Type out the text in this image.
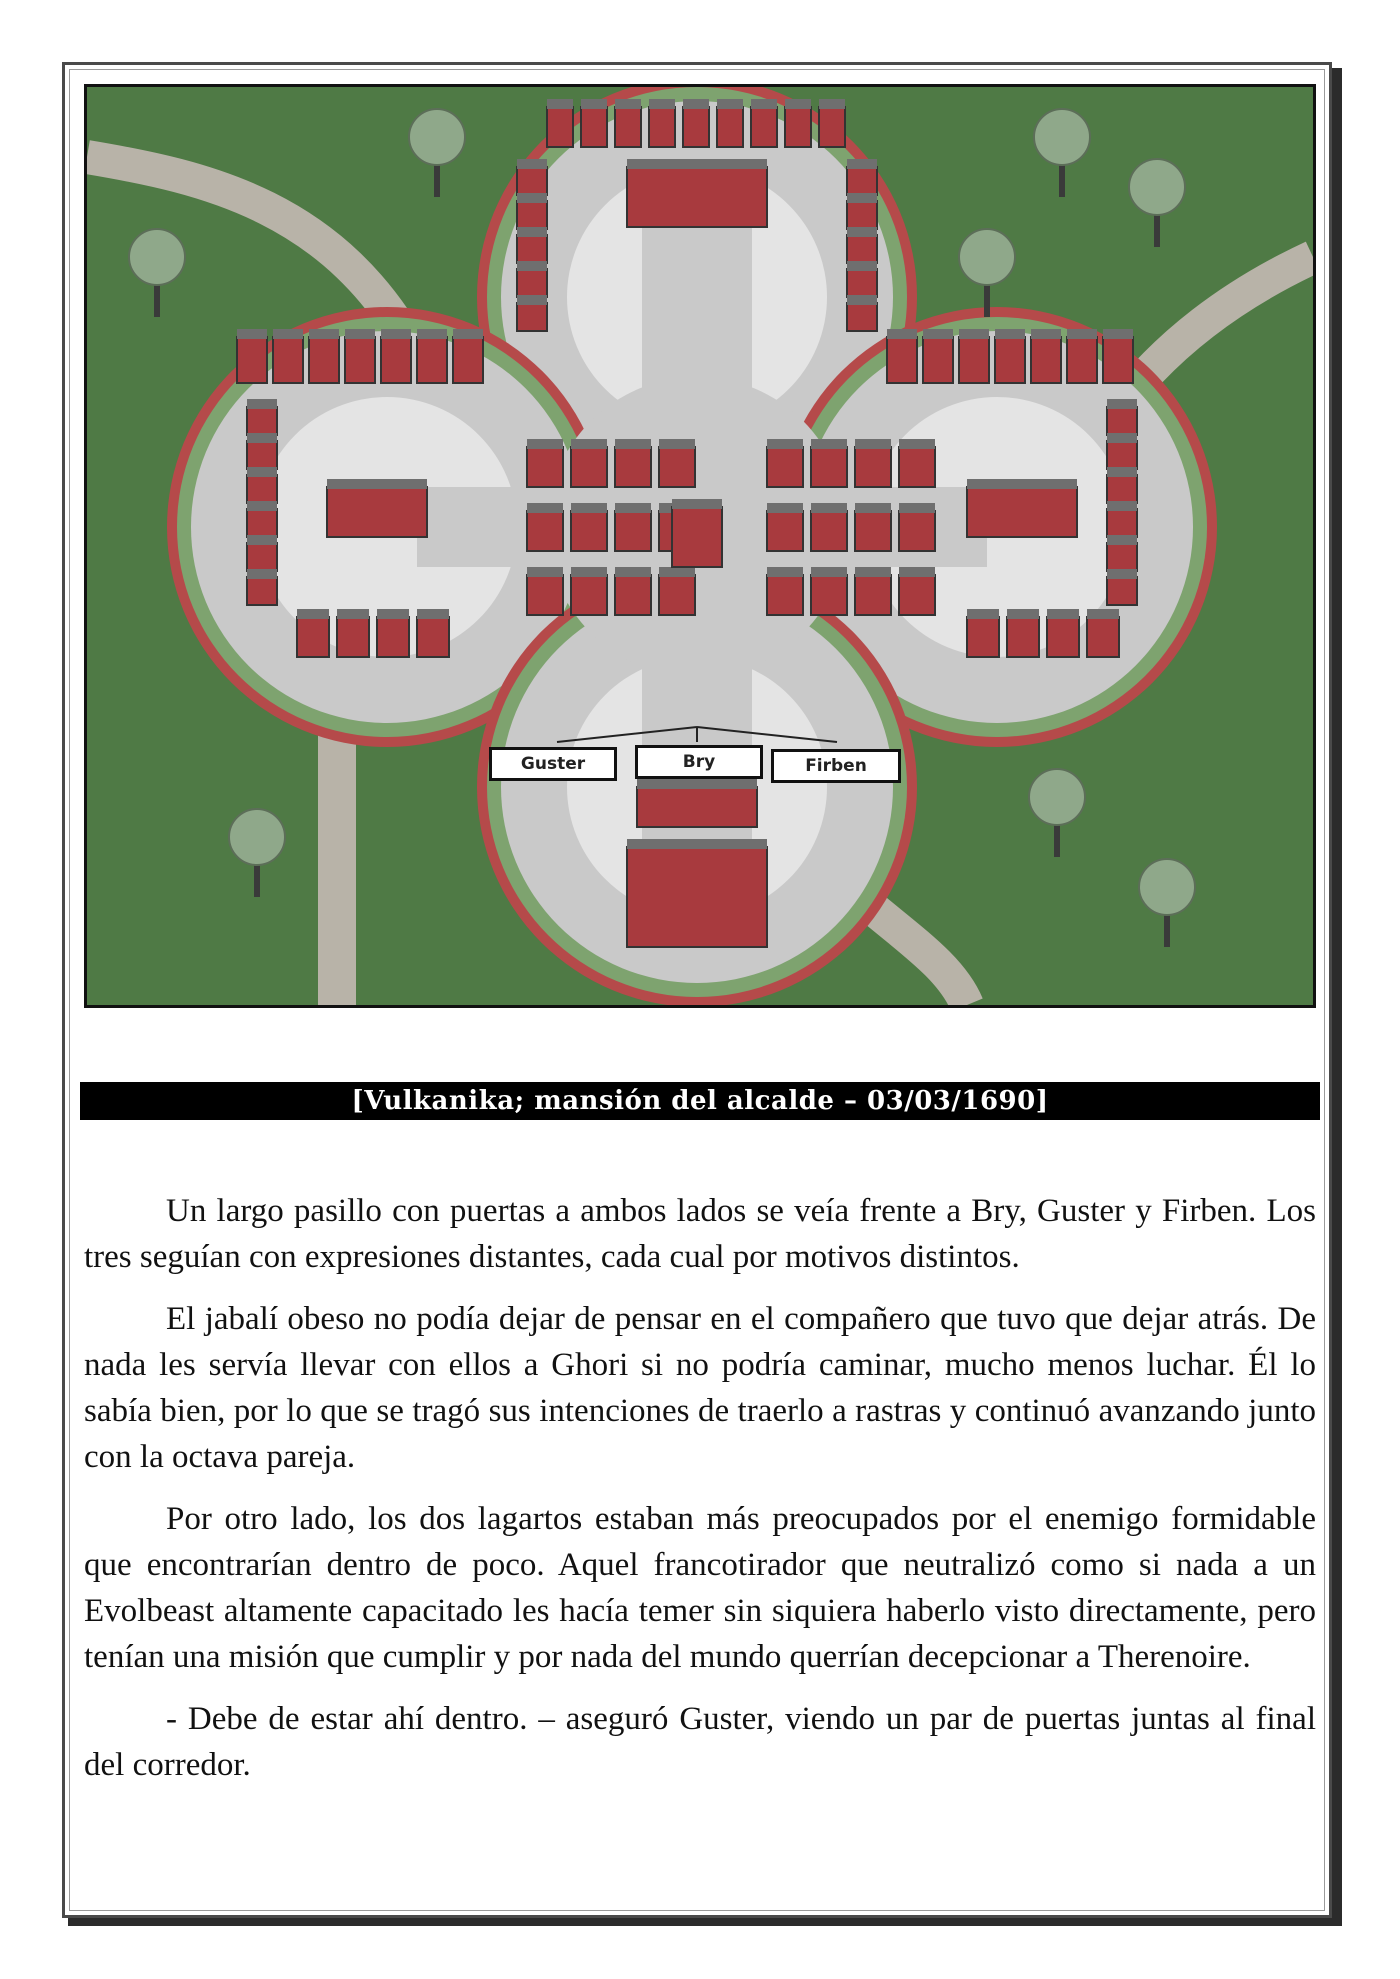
Guster	Bry	Firben
[Vulkanika; mansión del alcalde – 03/03/1690]

Un largo pasillo con puertas a ambos lados se veía frente a Bry, Guster y Firben. Los tres seguían con expresiones distantes, cada cual por motivos distintos.

El jabalí obeso no podía dejar de pensar en el compañero que tuvo que dejar atrás. De nada les servía llevar con ellos a Ghori si no podría caminar, mucho menos luchar. Él lo sabía bien, por lo que se tragó sus intenciones de traerlo a rastras y continuó avanzando junto con la octava pareja.

Por otro lado, los dos lagartos estaban más preocupados por el enemigo formidable que encontrarían dentro de poco. Aquel francotirador que neutralizó como si nada a un Evolbeast altamente capacitado les hacía temer sin siquiera haberlo visto directamente, pero tenían una misión que cumplir y por nada del mundo querrían decepcionar a Therenoire.

- Debe de estar ahí dentro. – aseguró Guster, viendo un par de puertas juntas al final del corredor.
